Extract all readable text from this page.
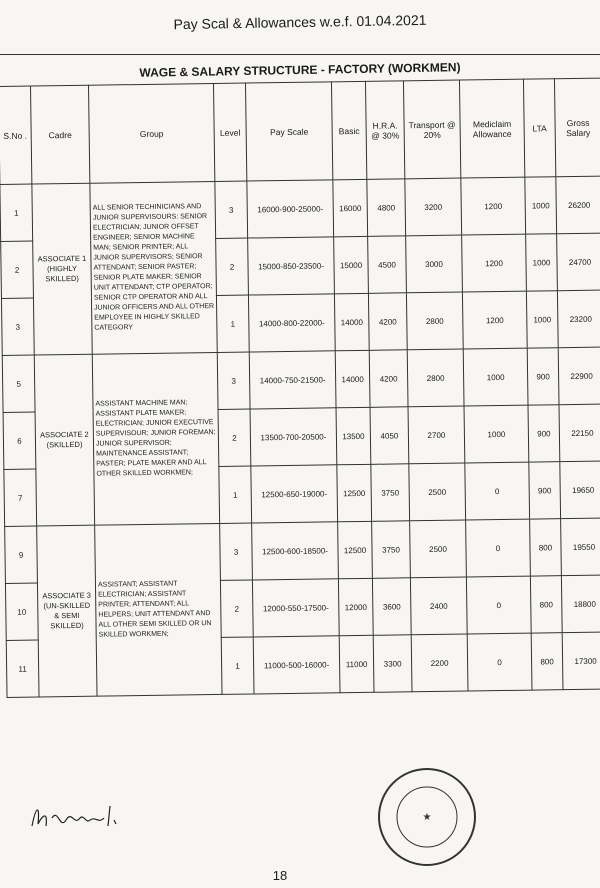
Pay Scal & Allowances w.e.f. 01.04.2021
WAGE & SALARY STRUCTURE - FACTORY (WORKMEN)
S.No .	Cadre	Group	Level	Pay Scale	Basic	H.R.A. @ 30%	Transport @ 20%	Mediclaim Allowance	LTA	Gross Salary
1	ASSOCIATE 1 (HIGHLY SKILLED)	ALL SENIOR TECHINICIANS AND JUNIOR SUPERVISOURS: SENIOR ELECTRICIAN; JUNIOR OFFSET ENGINEER; SENIOR MACHINE MAN; SENIOR PRINTER; ALL JUNIOR SUPERVISORS; SENIOR ATTENDANT; SENIOR PASTER; SENIOR PLATE MAKER; SENIOR UNIT ATTENDANT; CTP OPERATOR; SENIOR CTP OPERATOR AND ALL JUNIOR OFFICERS AND ALL OTHER EMPLOYEE IN HIGHLY SKILLED CATEGORY	3	16000-900-25000-	16000	4800	3200	1200	1000	26200
2			2	15000-850-23500-	15000	4500	3000	1200	1000	24700
3			1	14000-800-22000-	14000	4200	2800	1200	1000	23200
5	ASSOCIATE 2 (SKILLED)	ASSISTANT MACHINE MAN; ASSISTANT PLATE MAKER; ELECTRICIAN; JUNIOR EXECUTIVE SUPERVISOUR; JUNIOR FOREMAN; JUNIOR SUPERVISOR; MAINTENANCE ASSISTANT; PASTER; PLATE MAKER AND ALL OTHER SKILLED WORKMEN;	3	14000-750-21500-	14000	4200	2800	1000	900	22900
6			2	13500-700-20500-	13500	4050	2700	1000	900	22150
7			1	12500-650-19000-	12500	3750	2500	0	900	19650
9	ASSOCIATE 3 (UN-SKILLED & SEMI SKILLED)	ASSISTANT; ASSISTANT ELECTRICIAN; ASSISTANT PRINTER; ATTENDANT; ALL HELPERS; UNIT ATTENDANT AND ALL OTHER SEMI SKILLED OR UN SKILLED WORKMEN;	3	12500-600-18500-	12500	3750	2500	0	800	19550
10			2	12000-550-17500-	12000	3600	2400	0	800	18800
11			1	11000-500-16000-	11000	3300	2200	0	800	17300
★
18
